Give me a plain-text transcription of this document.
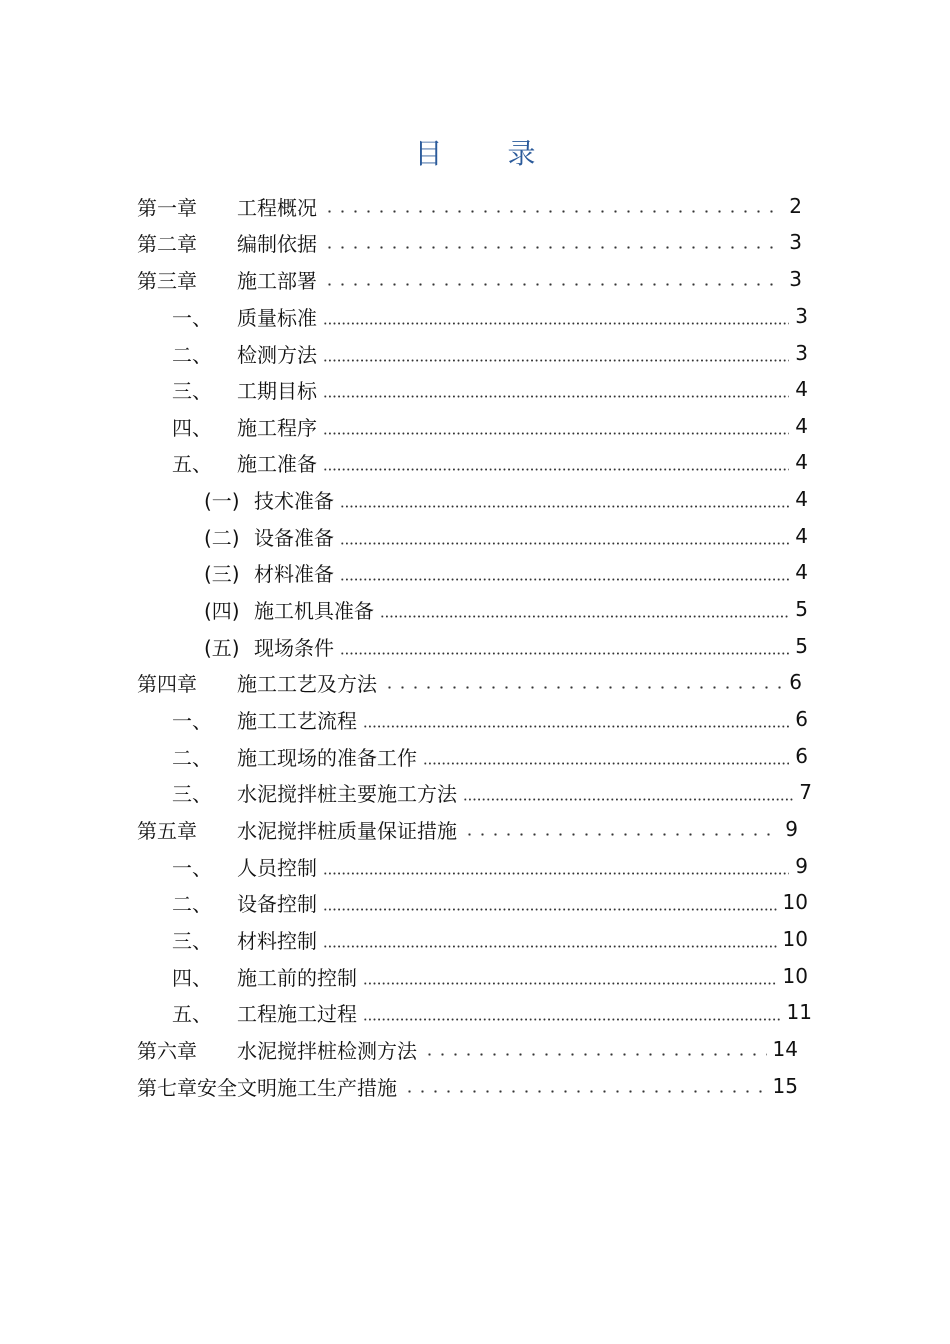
目 录
第一章	工程概况	2
第二章	编制依据	3
第三章	施工部署	3
一、	质量标准	3
二、	检测方法	3
三、	工期目标	4
四、	施工程序	4
五、	施工准备	4
(一) 技术准备	4
(二) 设备准备	4
(三) 材料准备	4
(四) 施工机具准备	5
(五) 现场条件	5
第四章	施工工艺及方法	6
一、	施工工艺流程	6
二、	施工现场的准备工作	6
三、	水泥搅拌桩主要施工方法	7
第五章	水泥搅拌桩质量保证措施	9
一、	人员控制	9
二、	设备控制	10
三、	材料控制	10
四、	施工前的控制	10
五、	工程施工过程	11
第六章	水泥搅拌桩检测方法	14
第七章 安全文明施工生产措施	15
